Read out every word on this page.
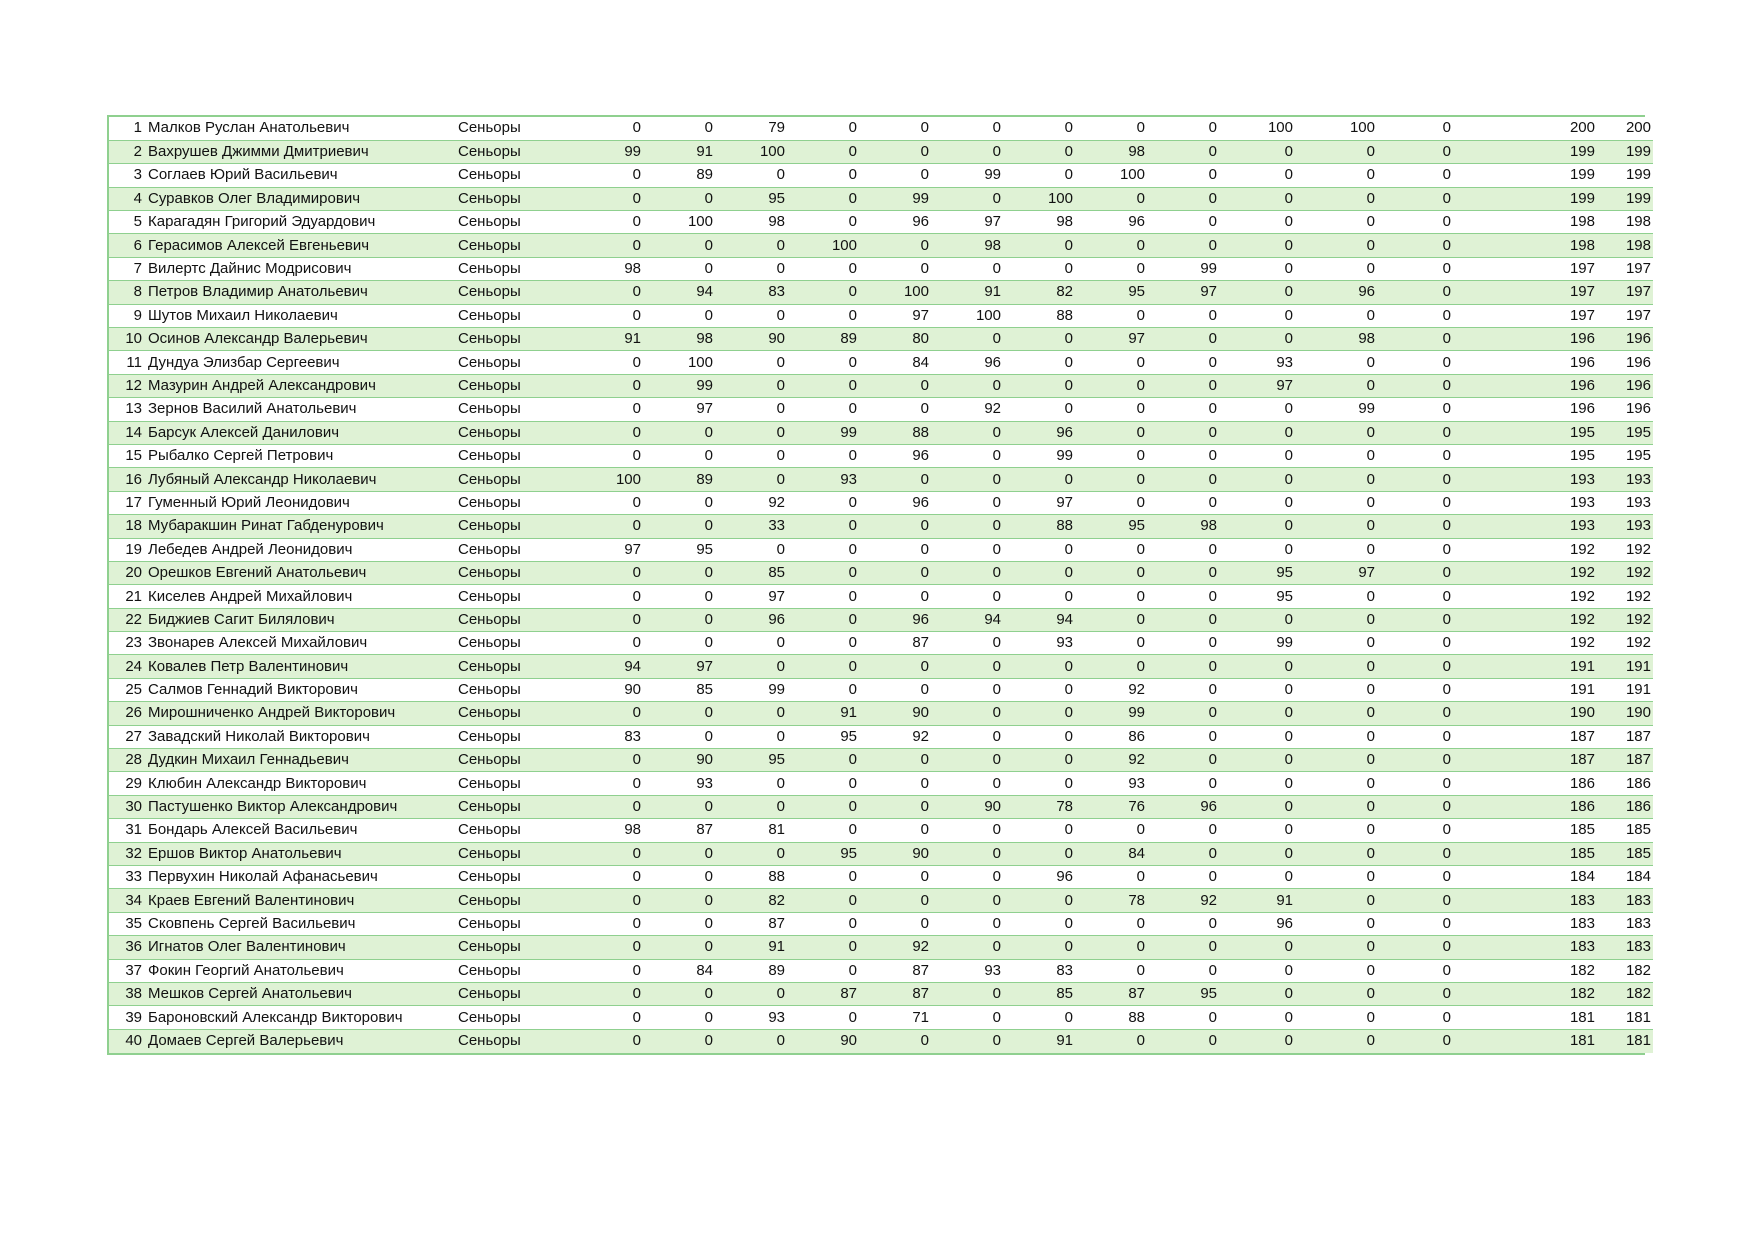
1	Малков Руслан Анатольевич	Сеньоры	0	0	79	0	0	0	0	0	0	100	100	0	200	200
2	Вахрушев Джимми Дмитриевич	Сеньоры	99	91	100	0	0	0	0	98	0	0	0	0	199	199
3	Соглаев Юрий Васильевич	Сеньоры	0	89	0	0	0	99	0	100	0	0	0	0	199	199
4	Суравков Олег Владимирович	Сеньоры	0	0	95	0	99	0	100	0	0	0	0	0	199	199
5	Карагадян Григорий Эдуардович	Сеньоры	0	100	98	0	96	97	98	96	0	0	0	0	198	198
6	Герасимов Алексей Евгеньевич	Сеньоры	0	0	0	100	0	98	0	0	0	0	0	0	198	198
7	Вилертс Дайнис Модрисович	Сеньоры	98	0	0	0	0	0	0	0	99	0	0	0	197	197
8	Петров Владимир Анатольевич	Сеньоры	0	94	83	0	100	91	82	95	97	0	96	0	197	197
9	Шутов Михаил Николаевич	Сеньоры	0	0	0	0	97	100	88	0	0	0	0	0	197	197
10	Осинов Александр Валерьевич	Сеньоры	91	98	90	89	80	0	0	97	0	0	98	0	196	196
11	Дундуа Элизбар Сергеевич	Сеньоры	0	100	0	0	84	96	0	0	0	93	0	0	196	196
12	Мазурин Андрей Александрович	Сеньоры	0	99	0	0	0	0	0	0	0	97	0	0	196	196
13	Зернов Василий Анатольевич	Сеньоры	0	97	0	0	0	92	0	0	0	0	99	0	196	196
14	Барсук Алексей Данилович	Сеньоры	0	0	0	99	88	0	96	0	0	0	0	0	195	195
15	Рыбалко Сергей Петрович	Сеньоры	0	0	0	0	96	0	99	0	0	0	0	0	195	195
16	Лубяный Александр Николаевич	Сеньоры	100	89	0	93	0	0	0	0	0	0	0	0	193	193
17	Гуменный Юрий Леонидович	Сеньоры	0	0	92	0	96	0	97	0	0	0	0	0	193	193
18	Мубаракшин Ринат Габденурович	Сеньоры	0	0	33	0	0	0	88	95	98	0	0	0	193	193
19	Лебедев Андрей Леонидович	Сеньоры	97	95	0	0	0	0	0	0	0	0	0	0	192	192
20	Орешков Евгений Анатольевич	Сеньоры	0	0	85	0	0	0	0	0	0	95	97	0	192	192
21	Киселев Андрей Михайлович	Сеньоры	0	0	97	0	0	0	0	0	0	95	0	0	192	192
22	Биджиев Сагит Билялович	Сеньоры	0	0	96	0	96	94	94	0	0	0	0	0	192	192
23	Звонарев Алексей Михайлович	Сеньоры	0	0	0	0	87	0	93	0	0	99	0	0	192	192
24	Ковалев Петр Валентинович	Сеньоры	94	97	0	0	0	0	0	0	0	0	0	0	191	191
25	Салмов Геннадий Викторович	Сеньоры	90	85	99	0	0	0	0	92	0	0	0	0	191	191
26	Мирошниченко Андрей Викторович	Сеньоры	0	0	0	91	90	0	0	99	0	0	0	0	190	190
27	Завадский Николай Викторович	Сеньоры	83	0	0	95	92	0	0	86	0	0	0	0	187	187
28	Дудкин Михаил Геннадьевич	Сеньоры	0	90	95	0	0	0	0	92	0	0	0	0	187	187
29	Клюбин Александр Викторович	Сеньоры	0	93	0	0	0	0	0	93	0	0	0	0	186	186
30	Пастушенко Виктор Александрович	Сеньоры	0	0	0	0	0	90	78	76	96	0	0	0	186	186
31	Бондарь Алексей Васильевич	Сеньоры	98	87	81	0	0	0	0	0	0	0	0	0	185	185
32	Ершов Виктор Анатольевич	Сеньоры	0	0	0	95	90	0	0	84	0	0	0	0	185	185
33	Первухин Николай Афанасьевич	Сеньоры	0	0	88	0	0	0	96	0	0	0	0	0	184	184
34	Краев Евгений Валентинович	Сеньоры	0	0	82	0	0	0	0	78	92	91	0	0	183	183
35	Сковпень Сергей Васильевич	Сеньоры	0	0	87	0	0	0	0	0	0	96	0	0	183	183
36	Игнатов Олег Валентинович	Сеньоры	0	0	91	0	92	0	0	0	0	0	0	0	183	183
37	Фокин Георгий Анатольевич	Сеньоры	0	84	89	0	87	93	83	0	0	0	0	0	182	182
38	Мешков Сергей Анатольевич	Сеньоры	0	0	0	87	87	0	85	87	95	0	0	0	182	182
39	Бароновский Александр Викторович	Сеньоры	0	0	93	0	71	0	0	88	0	0	0	0	181	181
40	Домаев Сергей Валерьевич	Сеньоры	0	0	0	90	0	0	91	0	0	0	0	0	181	181
